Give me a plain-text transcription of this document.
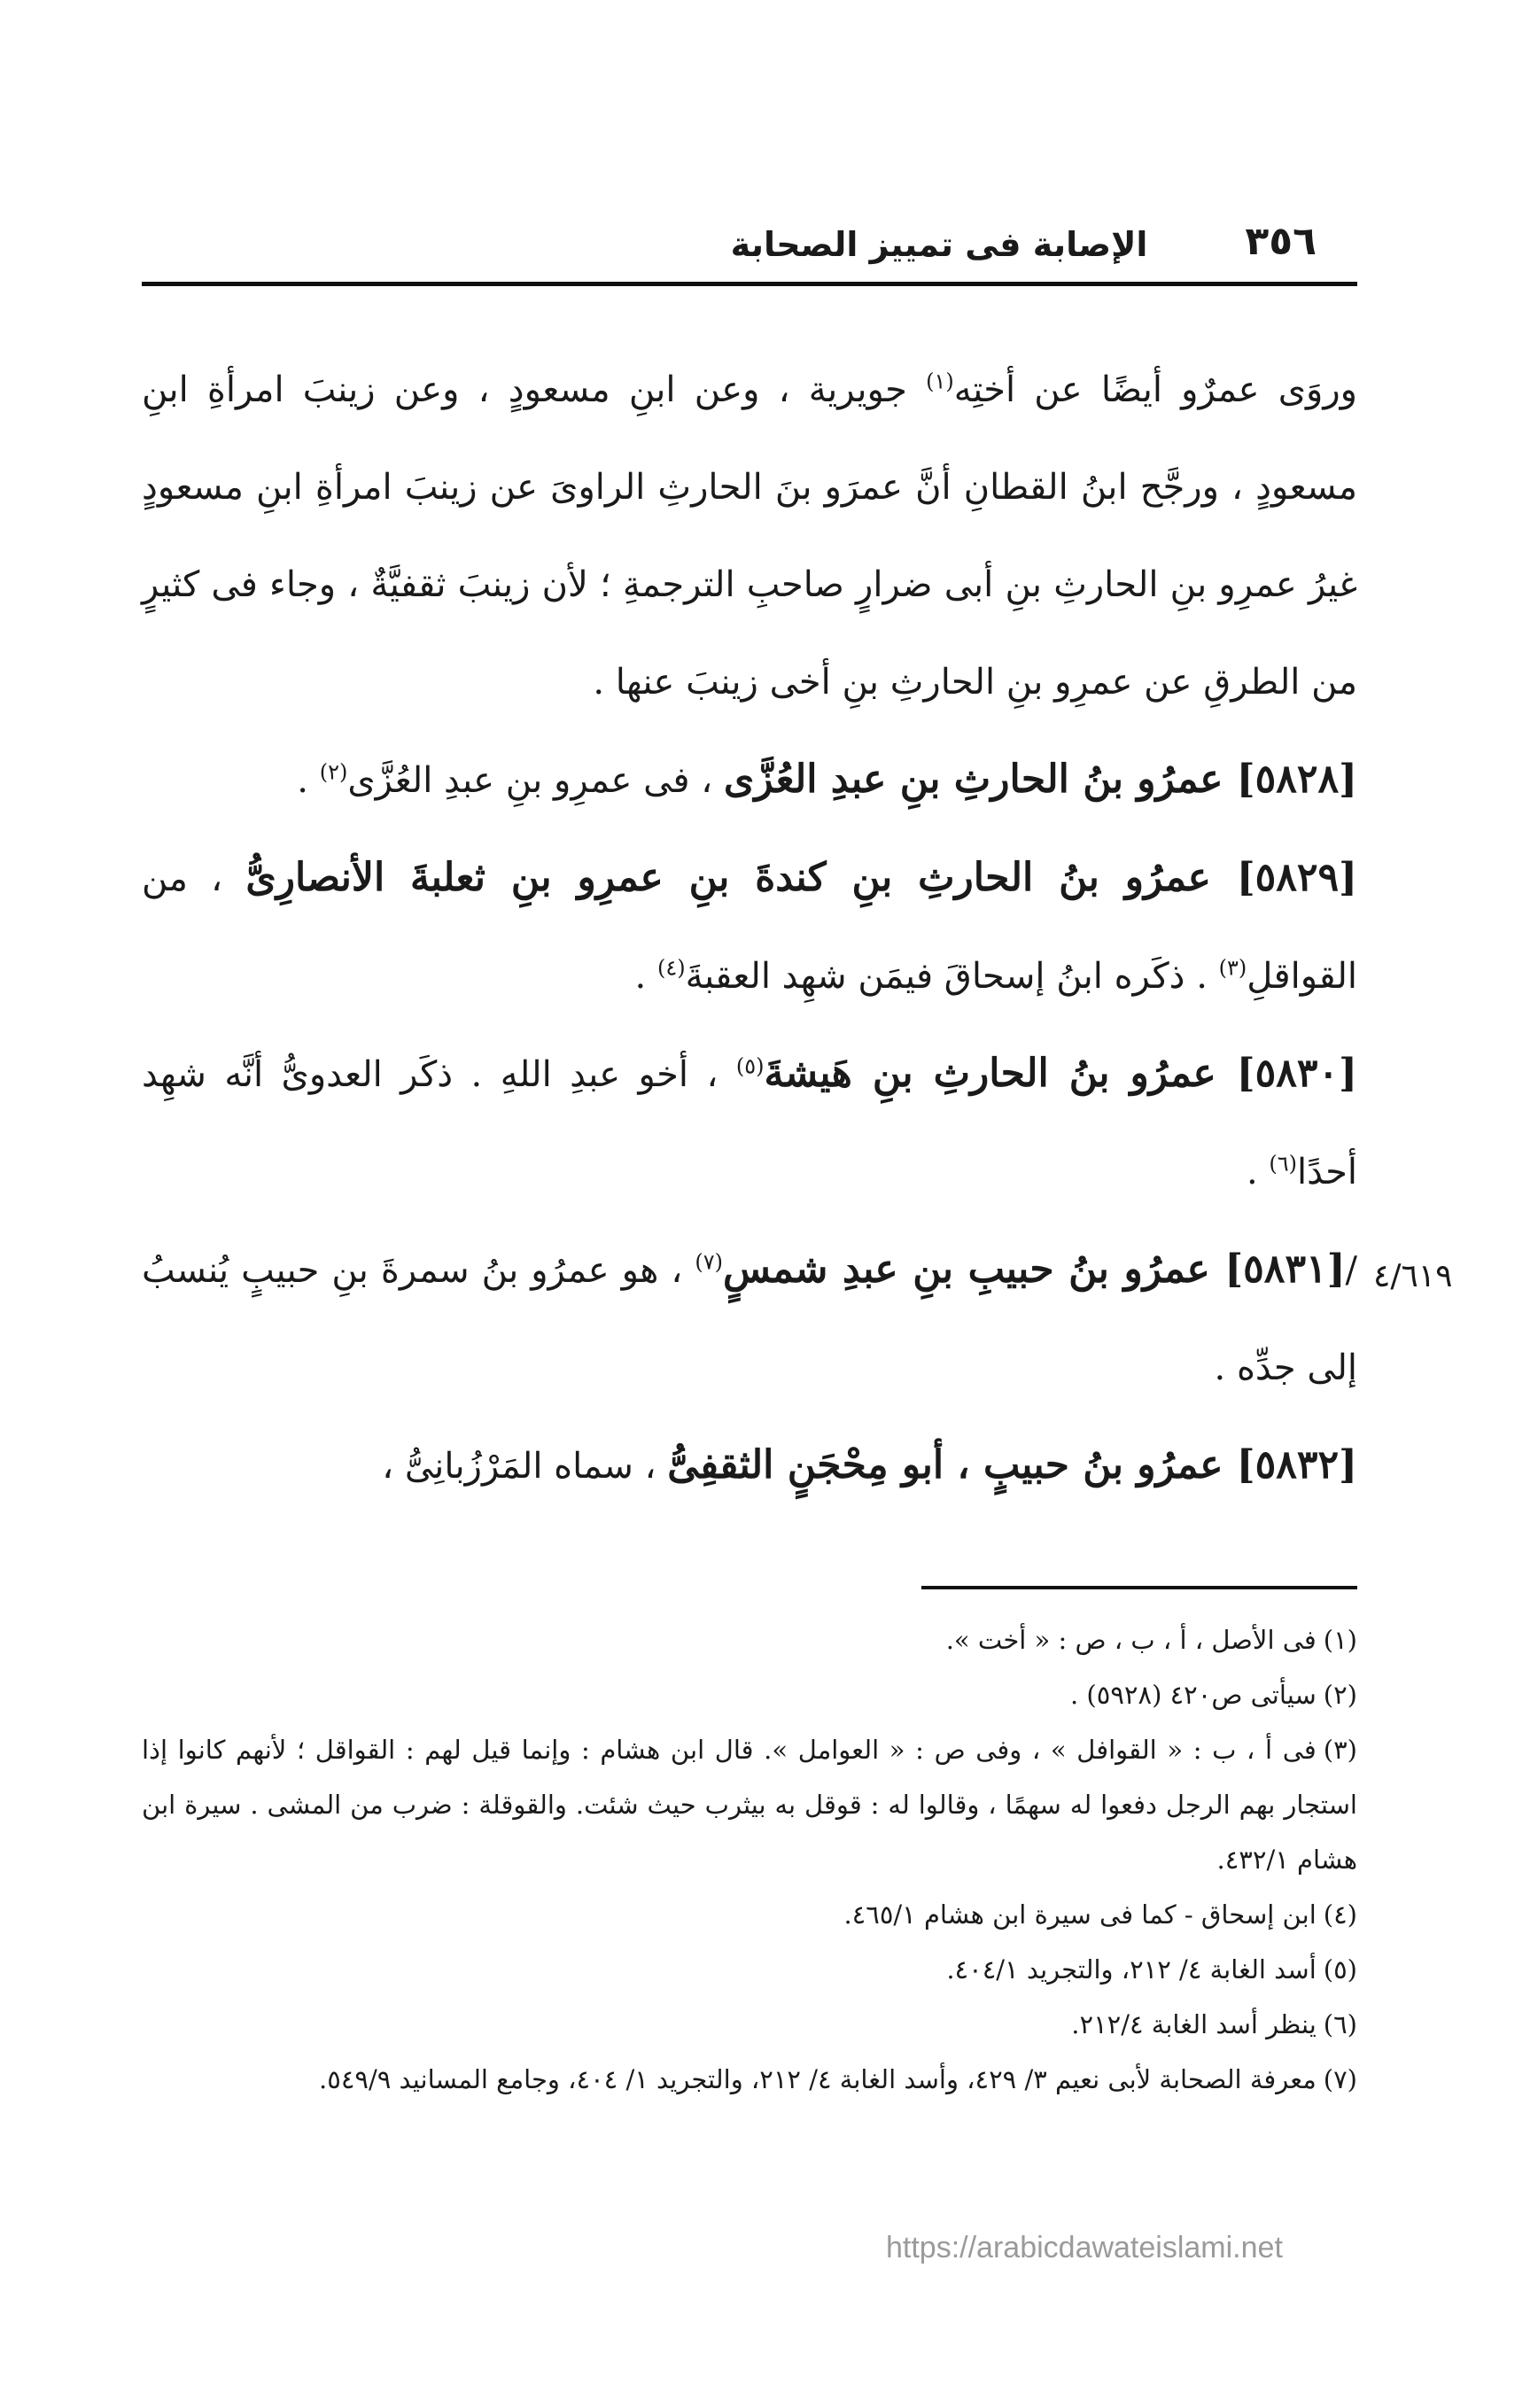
٣٥٦
الإصابة فى تمييز الصحابة

وروَى عمرٌو أيضًا عن أختِه$^{(١)}$ جويرية ، وعن ابنِ مسعودٍ ، وعن زينبَ امرأةِ ابنِ مسعودٍ ، ورجَّح ابنُ القطانِ أنَّ عمرَو بنَ الحارثِ الراوىَ عن زينبَ امرأةِ ابنِ مسعودٍ غيرُ عمرِو بنِ الحارثِ بنِ أبى ضرارٍ صاحبِ الترجمةِ ؛ لأن زينبَ ثقفيَّةٌ ، وجاء فى كثيرٍ من الطرقِ عن عمرِو بنِ الحارثِ بنِ أخى زينبَ عنها .

[٥٨٢٨] عمرُو بنُ الحارثِ بنِ عبدِ العُزَّى ، فى عمرِو بنِ عبدِ العُزَّى$^{(٢)}$ .

[٥٨٢٩] عمرُو بنُ الحارثِ بنِ كندةَ بنِ عمرِو بنِ ثعلبةَ الأنصارِىُّ ، من القواقلِ$^{(٣)}$ . ذكَره ابنُ إسحاقَ فيمَن شهِد العقبةَ$^{(٤)}$ .

[٥٨٣٠] عمرُو بنُ الحارثِ بنِ هَيشةَ$^{(٥)}$ ، أخو عبدِ اللهِ . ذكَر العدوىُّ أنَّه شهِد أحدًا$^{(٦)}$ .

/[٥٨٣١] عمرُو بنُ حبيبِ بنِ عبدِ شمسٍ$^{(٧)}$ ، هو عمرُو بنُ سمرةَ بنِ حبيبٍ يُنسبُ إلى جدِّه .

[٥٨٣٢] عمرُو بنُ حبيبٍ ، أبو مِحْجَنٍ الثقفِىُّ ، سماه المَرْزُبانِىُّ ،

٤/٦١٩

(١)فى الأصل ، أ ، ب ، ص : « أخت ».

(٢)سيأتى ص٤٢٠ (٥٩٢٨) .

(٣)فى أ ، ب : « القوافل » ، وفى ص : « العوامل ». قال ابن هشام : وإنما قيل لهم : القواقل ؛ لأنهم كانوا إذا استجار بهم الرجل دفعوا له سهمًا ، وقالوا له : قوقل به بيثرب حيث شئت. والقوقلة : ضرب من المشى . سيرة ابن هشام ٤٣٢/١.

(٤)ابن إسحاق - كما فى سيرة ابن هشام ٤٦٥/١.

(٥)أسد الغابة ٤/ ٢١٢، والتجريد ٤٠٤/١.

(٦)ينظر أسد الغابة ٢١٢/٤.

(٧)معرفة الصحابة لأبى نعيم ٣/ ٤٢٩، وأسد الغابة ٤/ ٢١٢، والتجريد ١/ ٤٠٤، وجامع المسانيد ٥٤٩/٩.

https://arabicdawateislami.net
